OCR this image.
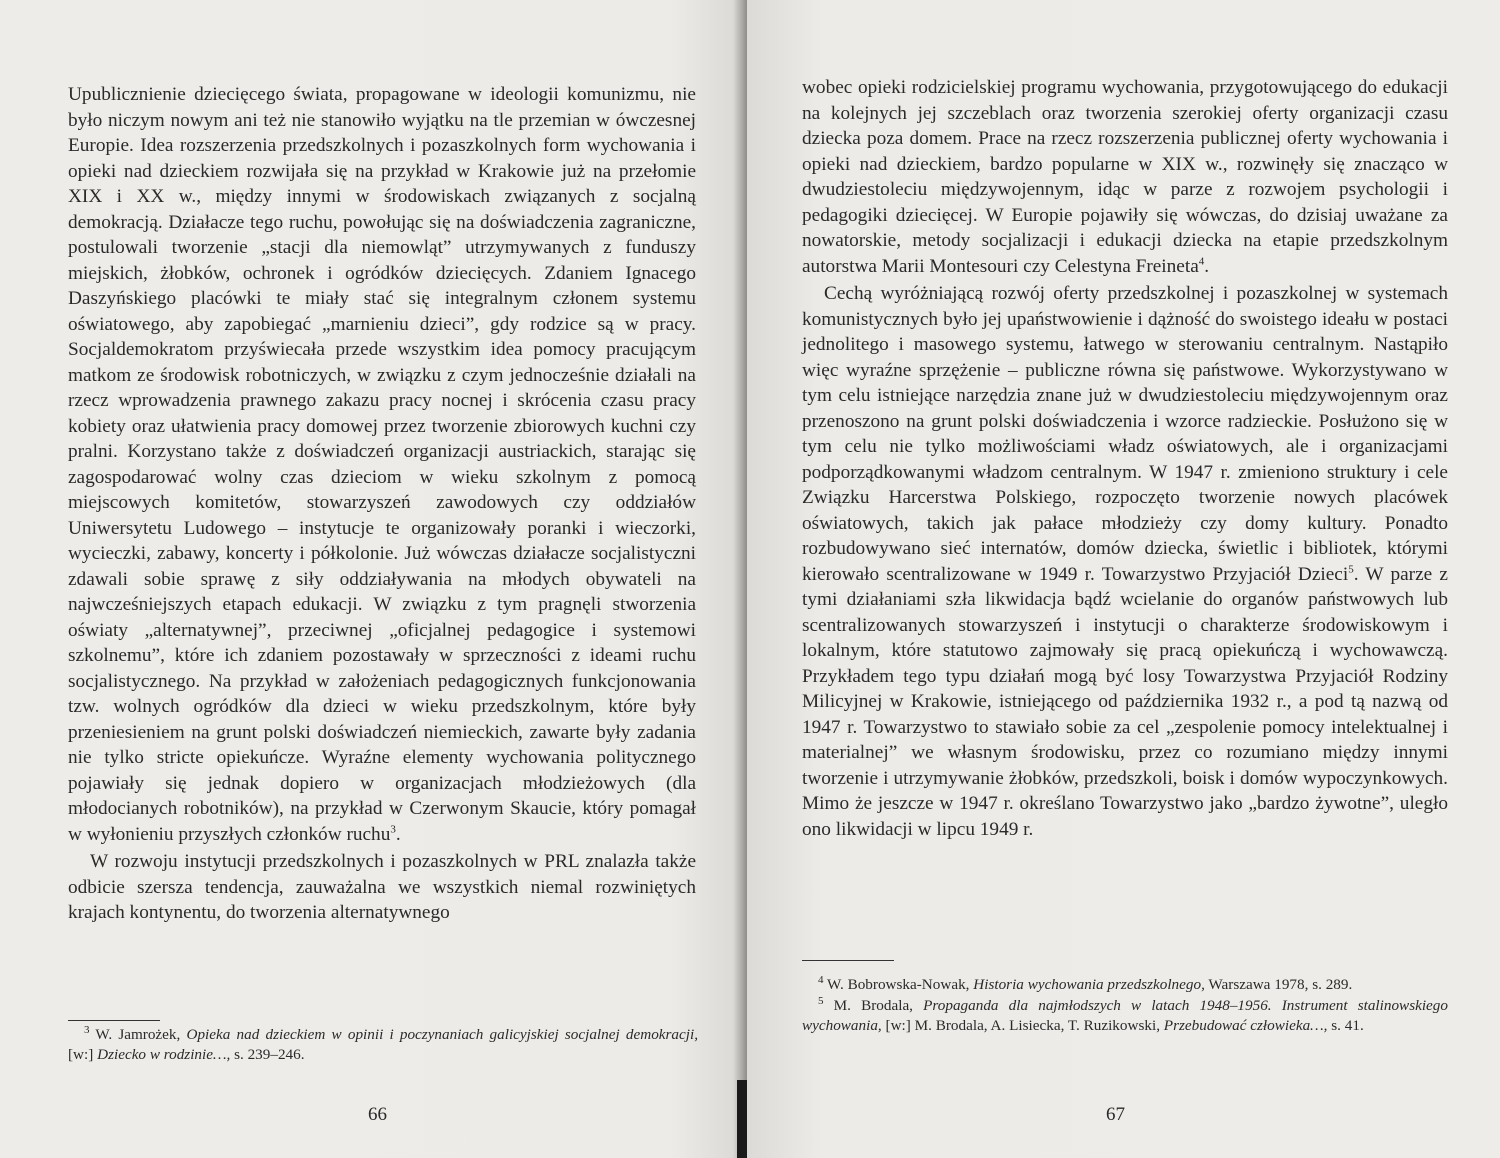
Upublicznienie dziecięcego świata, propagowane w ideologii komunizmu, nie było niczym nowym ani też nie stanowiło wyjątku na tle przemian w ówczesnej Europie. Idea rozszerzenia przedszkolnych i pozaszkolnych form wychowania i opieki nad dzieckiem rozwijała się na przykład w Krakowie już na przełomie XIX i XX w., między innymi w środowiskach związanych z socjalną demokracją. Działacze tego ruchu, powołując się na doświadczenia zagraniczne, postulowali tworzenie „stacji dla niemowląt” utrzymywanych z funduszy miejskich, żłobków, ochronek i ogródków dziecięcych. Zdaniem Ignacego Daszyńskiego placówki te miały stać się integralnym członem systemu oświatowego, aby zapobiegać „marnieniu dzieci”, gdy rodzice są w pracy. Socjaldemokratom przyświecała przede wszystkim idea pomocy pracującym matkom ze środowisk robotniczych, w związku z czym jednocześnie działali na rzecz wprowadzenia prawnego zakazu pracy nocnej i skrócenia czasu pracy kobiety oraz ułatwienia pracy domowej przez tworzenie zbiorowych kuchni czy pralni. Korzystano także z doświadczeń organizacji austriackich, starając się zagospodarować wolny czas dzieciom w wieku szkolnym z pomocą miejscowych komitetów, stowarzyszeń zawodowych czy oddziałów Uniwersytetu Ludowego – instytucje te organizowały poranki i wieczorki, wycieczki, zabawy, koncerty i półkolonie. Już wówczas działacze socjalistyczni zdawali sobie sprawę z siły oddziaływania na młodych obywateli na najwcześniejszych etapach edukacji. W związku z tym pragnęli stworzenia oświaty „alternatywnej”, przeciwnej „oficjalnej pedagogice i systemowi szkolnemu”, które ich zdaniem pozostawały w sprzeczności z ideami ruchu socjalistycznego. Na przykład w założeniach pedagogicznych funkcjonowania tzw. wolnych ogródków dla dzieci w wieku przedszkolnym, które były przeniesieniem na grunt polski doświadczeń niemieckich, zawarte były zadania nie tylko stricte opiekuńcze. Wyraźne elementy wychowania politycznego pojawiały się jednak dopiero w organizacjach młodzieżowych (dla młodocianych robotników), na przykład w Czerwonym Skaucie, który pomagał w wyłonieniu przyszłych członków ruchu$^3$.

W rozwoju instytucji przedszkolnych i pozaszkolnych w PRL znalazła także odbicie szersza tendencja, zauważalna we wszystkich niemal rozwiniętych krajach kontynentu, do tworzenia alternatywnego

$^3$ W. Jamrożek, Opieka nad dzieckiem w opinii i poczynaniach galicyjskiej socjalnej demokracji, [w:] Dziecko w rodzinie…, s. 239–246.

66

wobec opieki rodzicielskiej programu wychowania, przygotowującego do edukacji na kolejnych jej szczeblach oraz tworzenia szerokiej oferty organizacji czasu dziecka poza domem. Prace na rzecz rozszerzenia publicznej oferty wychowania i opieki nad dzieckiem, bardzo popularne w XIX w., rozwinęły się znacząco w dwudziestoleciu międzywojennym, idąc w parze z rozwojem psychologii i pedagogiki dziecięcej. W Europie pojawiły się wówczas, do dzisiaj uważane za nowatorskie, metody socjalizacji i edukacji dziecka na etapie przedszkolnym autorstwa Marii Montesouri czy Celestyna Freineta$^4$.

Cechą wyróżniającą rozwój oferty przedszkolnej i pozaszkolnej w systemach komunistycznych było jej upaństwowienie i dążność do swoistego ideału w postaci jednolitego i masowego systemu, łatwego w sterowaniu centralnym. Nastąpiło więc wyraźne sprzężenie – publiczne równa się państwowe. Wykorzystywano w tym celu istniejące narzędzia znane już w dwudziestoleciu międzywojennym oraz przenoszono na grunt polski doświadczenia i wzorce radzieckie. Posłużono się w tym celu nie tylko możliwościami władz oświatowych, ale i organizacjami podporządkowanymi władzom centralnym. W 1947 r. zmieniono struktury i cele Związku Harcerstwa Polskiego, rozpoczęto tworzenie nowych placówek oświatowych, takich jak pałace młodzieży czy domy kultury. Ponadto rozbudowywano sieć internatów, domów dziecka, świetlic i bibliotek, którymi kierowało scentralizowane w 1949 r. Towarzystwo Przyjaciół Dzieci$^5$. W parze z tymi działaniami szła likwidacja bądź wcielanie do organów państwowych lub scentralizowanych stowarzyszeń i instytucji o charakterze środowiskowym i lokalnym, które statutowo zajmowały się pracą opiekuńczą i wychowawczą. Przykładem tego typu działań mogą być losy Towarzystwa Przyjaciół Rodziny Milicyjnej w Krakowie, istniejącego od października 1932 r., a pod tą nazwą od 1947 r. Towarzystwo to stawiało sobie za cel „zespolenie pomocy intelektualnej i materialnej” we własnym środowisku, przez co rozumiano między innymi tworzenie i utrzymywanie żłobków, przedszkoli, boisk i domów wypoczynkowych. Mimo że jeszcze w 1947 r. określano Towarzystwo jako „bardzo żywotne”, uległo ono likwidacji w lipcu 1949 r.

$^4$ W. Bobrowska-Nowak, Historia wychowania przedszkolnego, Warszawa 1978, s. 289.

$^5$ M. Brodala, Propaganda dla najmłodszych w latach 1948–1956. Instrument stalinowskiego wychowania, [w:] M. Brodala, A. Lisiecka, T. Ruzikowski, Przebudować człowieka…, s. 41.

67
